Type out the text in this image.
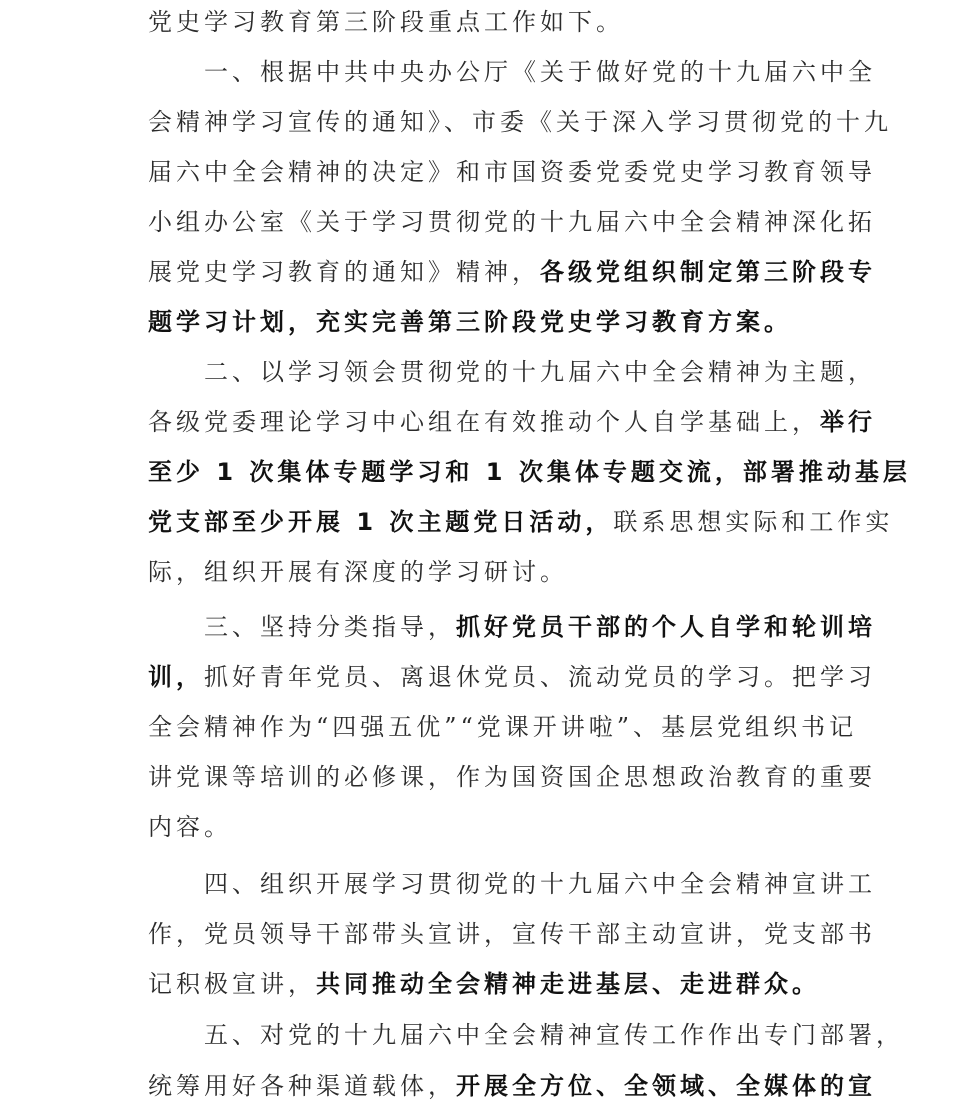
党史学习教育第三阶段重点工作如下。
　　一、根据中共中央办公厅《关于做好党的十九届六中全
会精神学习宣传的通知》、市委《关于深入学习贯彻党的十九
届六中全会精神的决定》和市国资委党委党史学习教育领导
小组办公室《关于学习贯彻党的十九届六中全会精神深化拓
展党史学习教育的通知》精神，各级党组织制定第三阶段专
题学习计划，充实完善第三阶段党史学习教育方案。
　　二、以学习领会贯彻党的十九届六中全会精神为主题，
各级党委理论学习中心组在有效推动个人自学基础上，举行
至少 1 次集体专题学习和 1 次集体专题交流，部署推动基层
党支部至少开展 1 次主题党日活动，联系思想实际和工作实
际，组织开展有深度的学习研讨。
　　三、坚持分类指导，抓好党员干部的个人自学和轮训培
训，抓好青年党员、离退休党员、流动党员的学习。把学习
全会精神作为“四强五优”“党课开讲啦”、基层党组织书记
讲党课等培训的必修课，作为国资国企思想政治教育的重要
内容。
　　四、组织开展学习贯彻党的十九届六中全会精神宣讲工
作，党员领导干部带头宣讲，宣传干部主动宣讲，党支部书
记积极宣讲，共同推动全会精神走进基层、走进群众。
　　五、对党的十九届六中全会精神宣传工作作出专门部署，
统筹用好各种渠道载体，开展全方位、全领域、全媒体的宣
